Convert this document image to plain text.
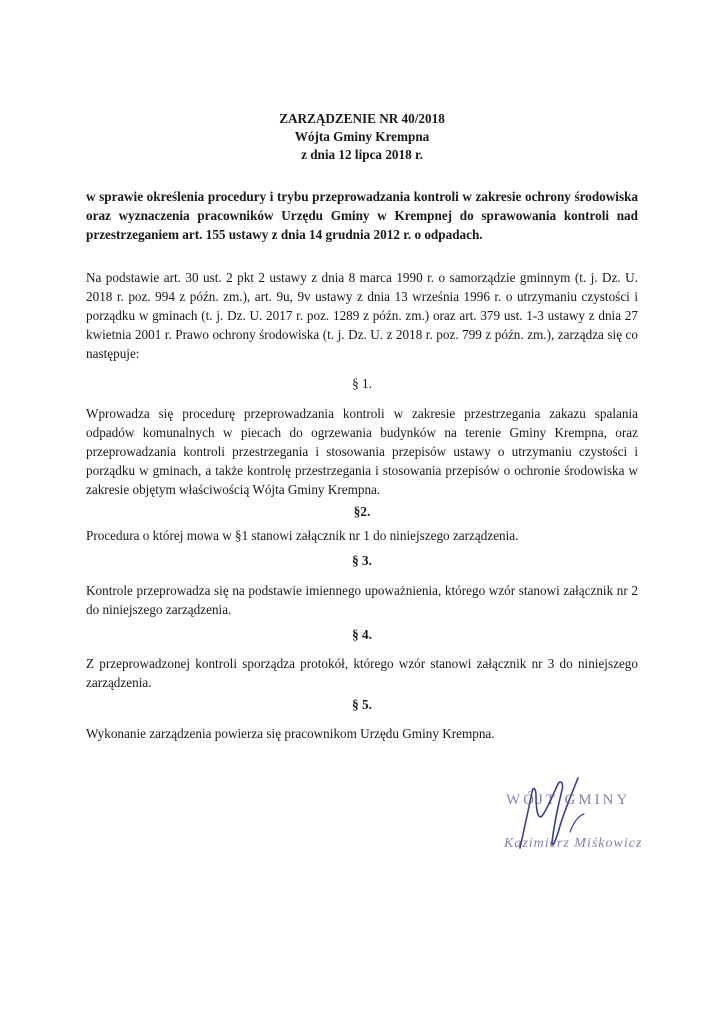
ZARZĄDZENIE NR 40/2018
Wójta Gminy Krempna
z dnia 12 lipca 2018 r.
w sprawie określenia procedury i trybu przeprowadzania kontroli w zakresie ochrony środowiska oraz wyznaczenia pracowników Urzędu Gminy w Krempnej do sprawowania kontroli nad przestrzeganiem art. 155 ustawy z dnia 14 grudnia 2012 r. o odpadach.
Na podstawie art. 30 ust. 2 pkt 2 ustawy z dnia 8 marca 1990 r. o samorządzie gminnym (t. j. Dz. U. 2018 r. poz. 994 z późn. zm.), art. 9u, 9v ustawy z dnia 13 września 1996 r. o utrzymaniu czystości i porządku w gminach (t. j. Dz. U. 2017 r. poz. 1289 z późn. zm.) oraz art. 379 ust. 1-3 ustawy z dnia 27 kwietnia 2001 r. Prawo ochrony środowiska (t. j. Dz. U. z 2018 r. poz. 799 z późn. zm.), zarządza się co następuje:
§ 1.
Wprowadza się procedurę przeprowadzania kontroli w zakresie przestrzegania zakazu spalania odpadów komunalnych w piecach do ogrzewania budynków na terenie Gminy Krempna, oraz przeprowadzania kontroli przestrzegania i stosowania przepisów ustawy o utrzymaniu czystości i porządku w gminach, a także kontrolę przestrzegania i stosowania przepisów o ochronie środowiska w zakresie objętym właściwością Wójta Gminy Krempna.
§2.
Procedura o której mowa w §1 stanowi załącznik nr 1 do niniejszego zarządzenia.
§ 3.
Kontrole przeprowadza się na podstawie imiennego upoważnienia, którego wzór stanowi załącznik nr 2 do niniejszego zarządzenia.
§ 4.
Z przeprowadzonej kontroli sporządza protokół, którego wzór stanowi załącznik nr 3 do niniejszego zarządzenia.
§ 5.
Wykonanie zarządzenia powierza się pracownikom Urzędu Gminy Krempna.
WÓJT GMINY
Kazimierz Miśkowicz
